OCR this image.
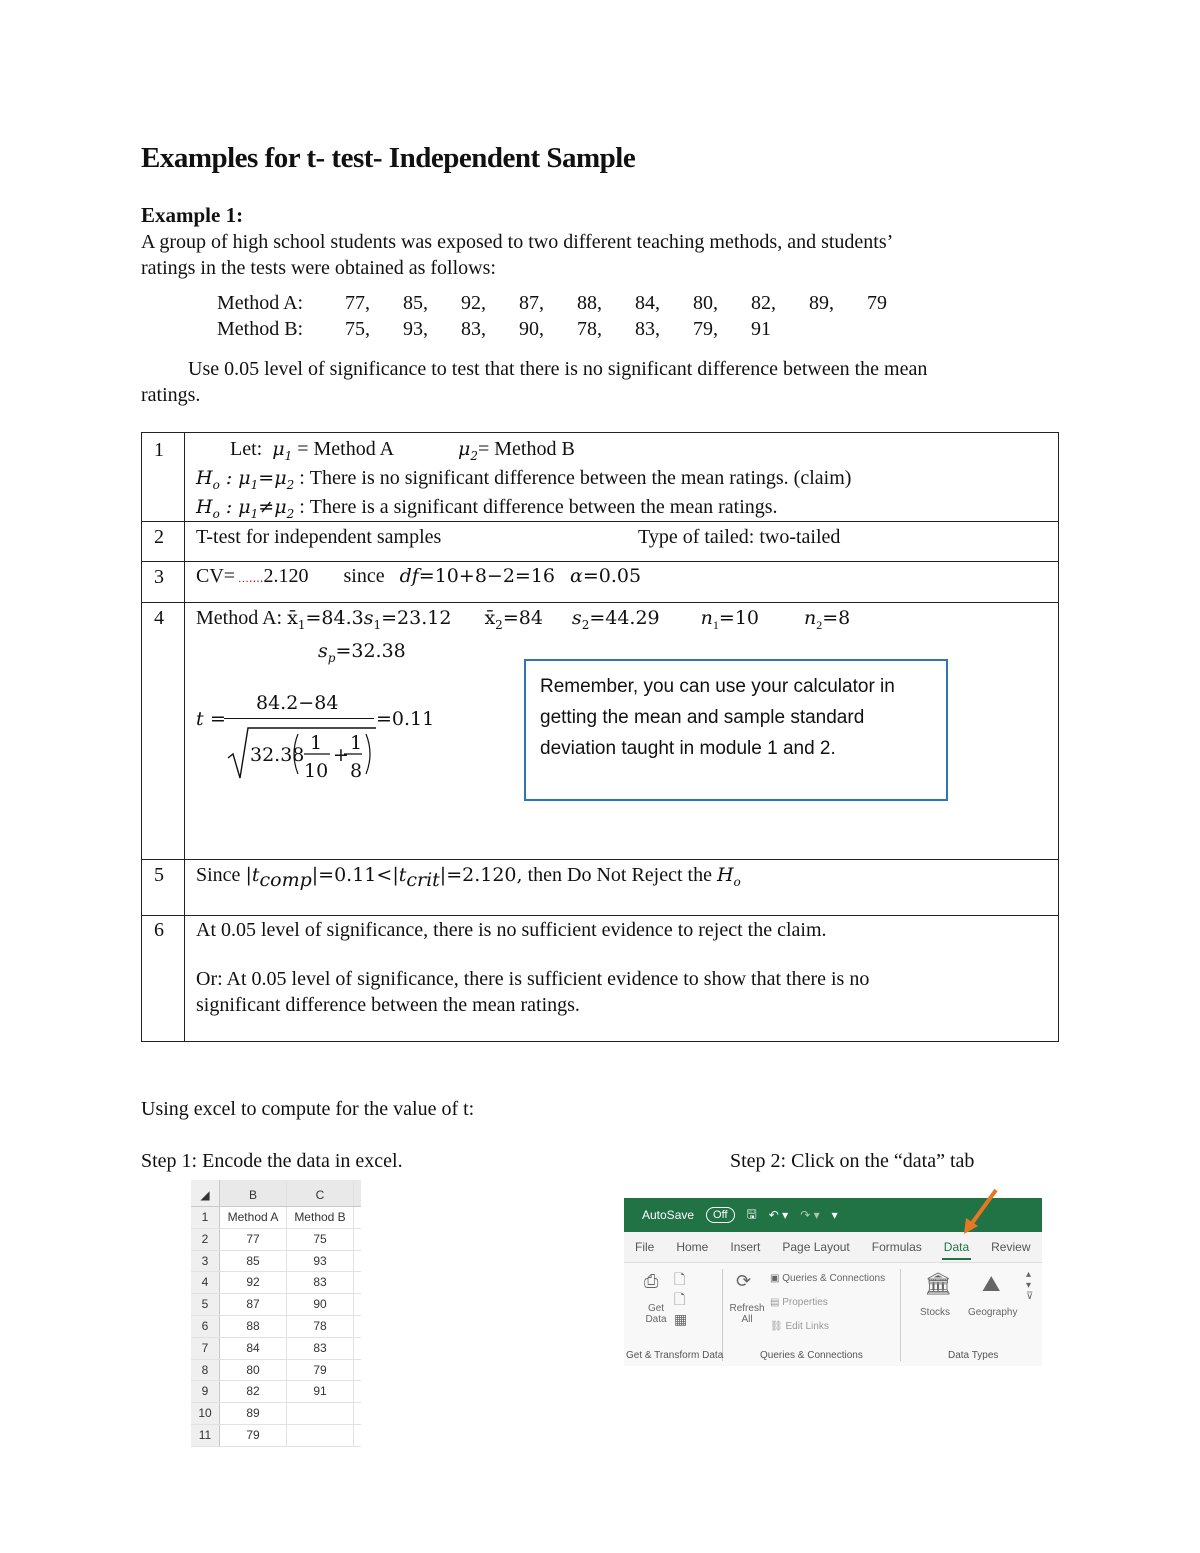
Examples for t- test- Independent Sample
Example 1:
A group of high school students was exposed to two different teaching methods, and students’
ratings in the tests were obtained as follows:
Method A: 77, 85, 92, 87, 88, 84, 80, 82, 89, 79
Method B: 75, 93, 83, 90, 78, 83, 79, 91
Use 0.05 level of significance to test that there is no significant difference between the mean
ratings.
1	Let: $\mu_1$ = Method A	$\mu_2=$ Method B
$H_o$ : $\mu_1=\mu_2$ : There is no significant difference between the mean ratings. (claim)
$H_o$ : $\mu_1\ne\mu_2$ : There is a significant difference between the mean ratings.
2	T-test for independent samples	Type of tailed: two-tailed
3	CV= …‥‥2.120 since df=10+8−2=16 α=0.05
4	Method A: $x̄_1=84.3s_1=23.12$ $x̄_2=84$ $s_2=44.29$ $n_1=10$ $n_2=8$
$s_p=32.38$
t =
84.2−84
=0.11
32.38
1
10
+
1
8
5	Since $|t_{comp}|=0.11<|t_{crit}|=2.120$, then Do Not Reject the $H_o$
6	At 0.05 level of significance, there is no sufficient evidence to reject the claim.
Or: At 0.05 level of significance, there is sufficient evidence to show that there is no
significant difference between the mean ratings.
Remember, you can use your calculator in getting the mean and sample standard deviation taught in module 1 and 2.
Using excel to compute for the value of t:
Step 1: Encode the data in excel.	Step 2: Click on the “data” tab
◢	B	C
1	Method A	Method B
2	77	75
3	85	93
4	92	83
5	87	90
6	88	78
7	84	83
8	80	79
9	82	91
10	89
11	79
AutoSave	Off	🖫 ↶ ▾ ↷ ▾ ▾
File	Home	Insert	Page Layout	Formulas	Data	Review
⎙ 🗋
🗋
▦
Get Data
⟳
Refresh All
▣ Queries & Connections
▤ Properties
⛓ Edit Links
🏛
Stocks
⛰
Geography
▴
▾
⊽
Get & Transform Data	Queries & Connections	Data Types
